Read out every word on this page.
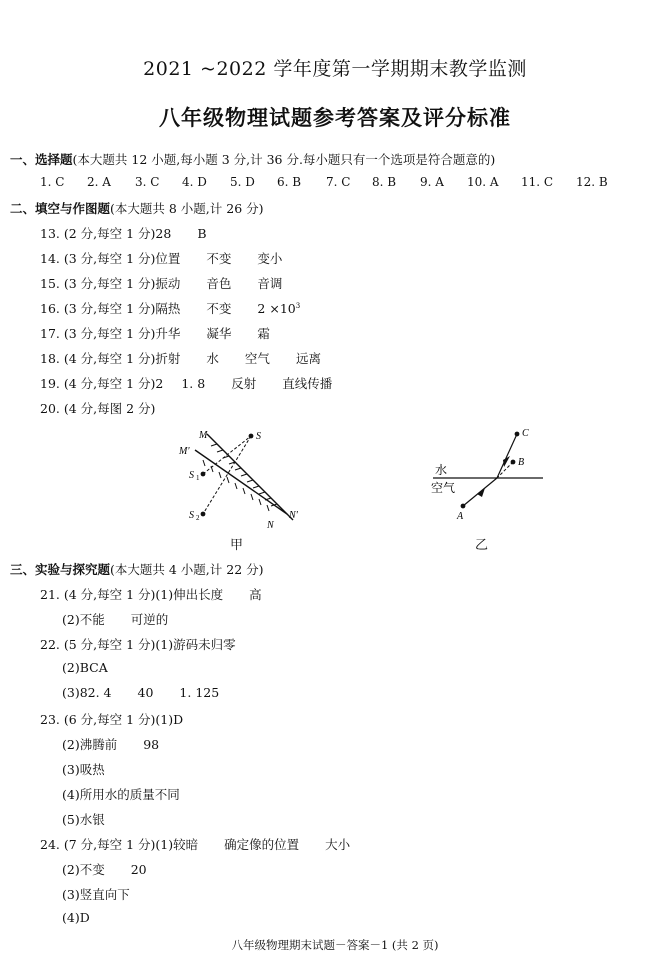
2021 ~2022 学年度第一学期期末教学监测
八年级物理试题参考答案及评分标准
一、选择题(本大题共 12 小题,每小题 3 分,计 36 分.每小题只有一个选项是符合题意的)
1. C 2. A 3. C 4. D 5. D 6. B 7. C 8. B 9. A 10. A 11. C 12. B
二、填空与作图题(本大题共 8 小题,计 26 分)
13. (2 分,每空 1 分)28 B
14. (3 分,每空 1 分)位置 不变 变小
15. (3 分,每空 1 分)振动 音色 音调
16. (3 分,每空 1 分)隔热 不变 $2 \times 10^3$
17. (3 分,每空 1 分)升华 凝华 霜
18. (4 分,每空 1 分)折射 水 空气 远离
19. (4 分,每空 1 分)2 1. 8 反射 直线传播
20. (4 分,每图 2 分)
M
M'
S
S 1
S 2
N
N'
甲
C
B
A
水
空气
乙
三、实验与探究题(本大题共 4 小题,计 22 分)
21. (4 分,每空 1 分)(1)伸出长度 高
(2)不能 可逆的
22. (5 分,每空 1 分)(1)游码未归零
(2)BCA
(3)82. 4 40 1. 125
23. (6 分,每空 1 分)(1)D
(2)沸腾前 98
(3)吸热
(4)所用水的质量不同
(5)水银
24. (7 分,每空 1 分)(1)较暗 确定像的位置 大小
(2)不变 20
(3)竖直向下
(4)D
八年级物理期末试题－答案－1 (共 2 页)
